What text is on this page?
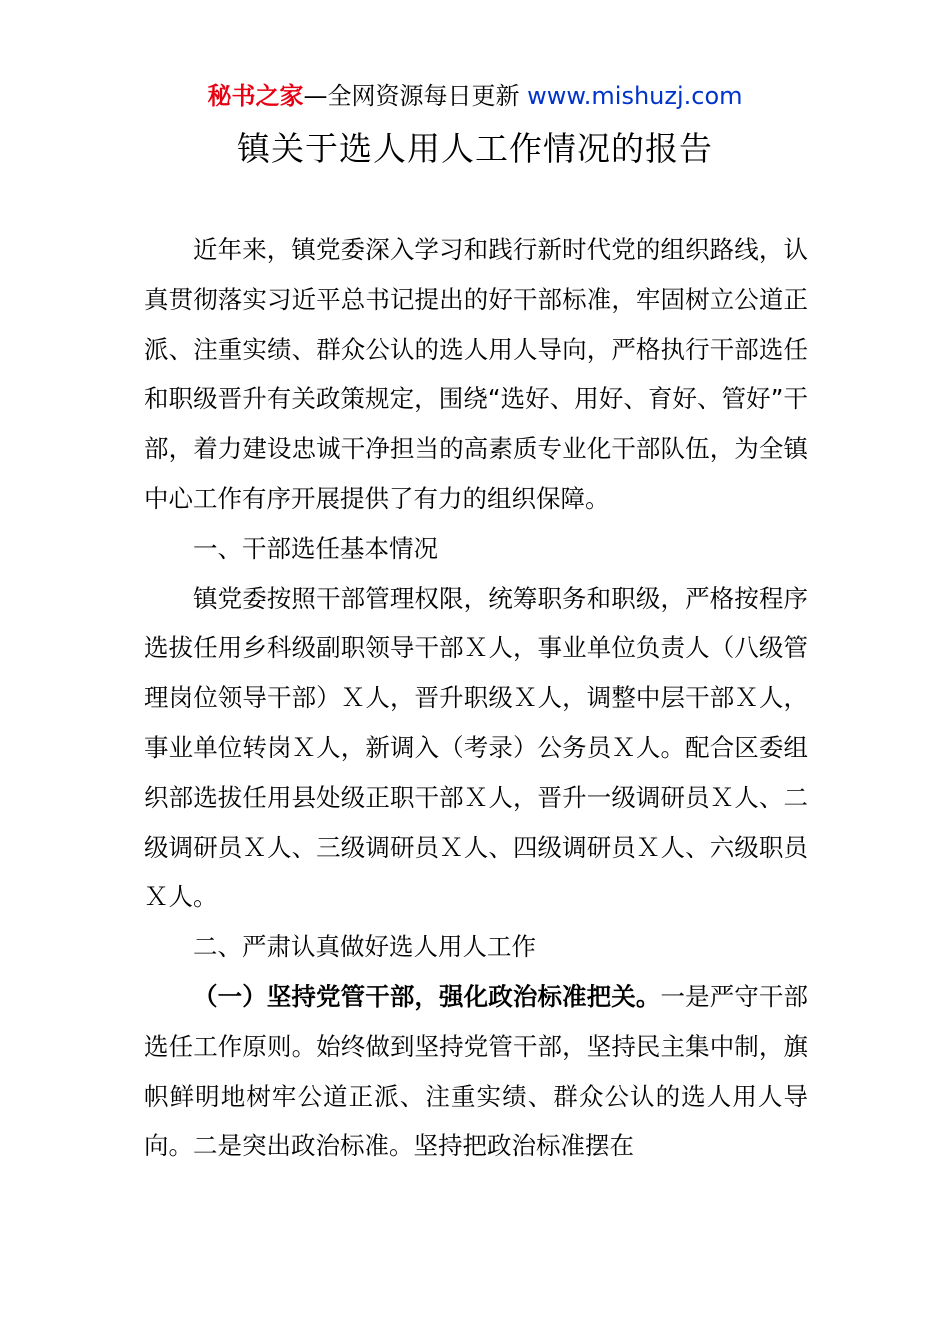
秘书之家—全网资源每日更新 www.mishuzj.com
镇关于选人用人工作情况的报告

近年来，镇党委深入学习和践行新时代党的组织路线，认真贯彻落实习近平总书记提出的好干部标准，牢固树立公道正派、注重实绩、群众公认的选人用人导向，严格执行干部选任和职级晋升有关政策规定，围绕“选好、用好、育好、管好”干部，着力建设忠诚干净担当的高素质专业化干部队伍，为全镇中心工作有序开展提供了有力的组织保障。

一、干部选任基本情况

镇党委按照干部管理权限，统筹职务和职级，严格按程序选拔任用乡科级副职领导干部Ｘ人，事业单位负责人（八级管理岗位领导干部）Ｘ人，晋升职级Ｘ人，调整中层干部Ｘ人，事业单位转岗Ｘ人，新调入（考录）公务员Ｘ人。配合区委组织部选拔任用县处级正职干部Ｘ人，晋升一级调研员Ｘ人、二级调研员Ｘ人、三级调研员Ｘ人、四级调研员Ｘ人、六级职员Ｘ人。

二、严肃认真做好选人用人工作

（一）坚持党管干部，强化政治标准把关。一是严守干部选任工作原则。始终做到坚持党管干部，坚持民主集中制，旗帜鲜明地树牢公道正派、注重实绩、群众公认的选人用人导向。二是突出政治标准。坚持把政治标准摆在
